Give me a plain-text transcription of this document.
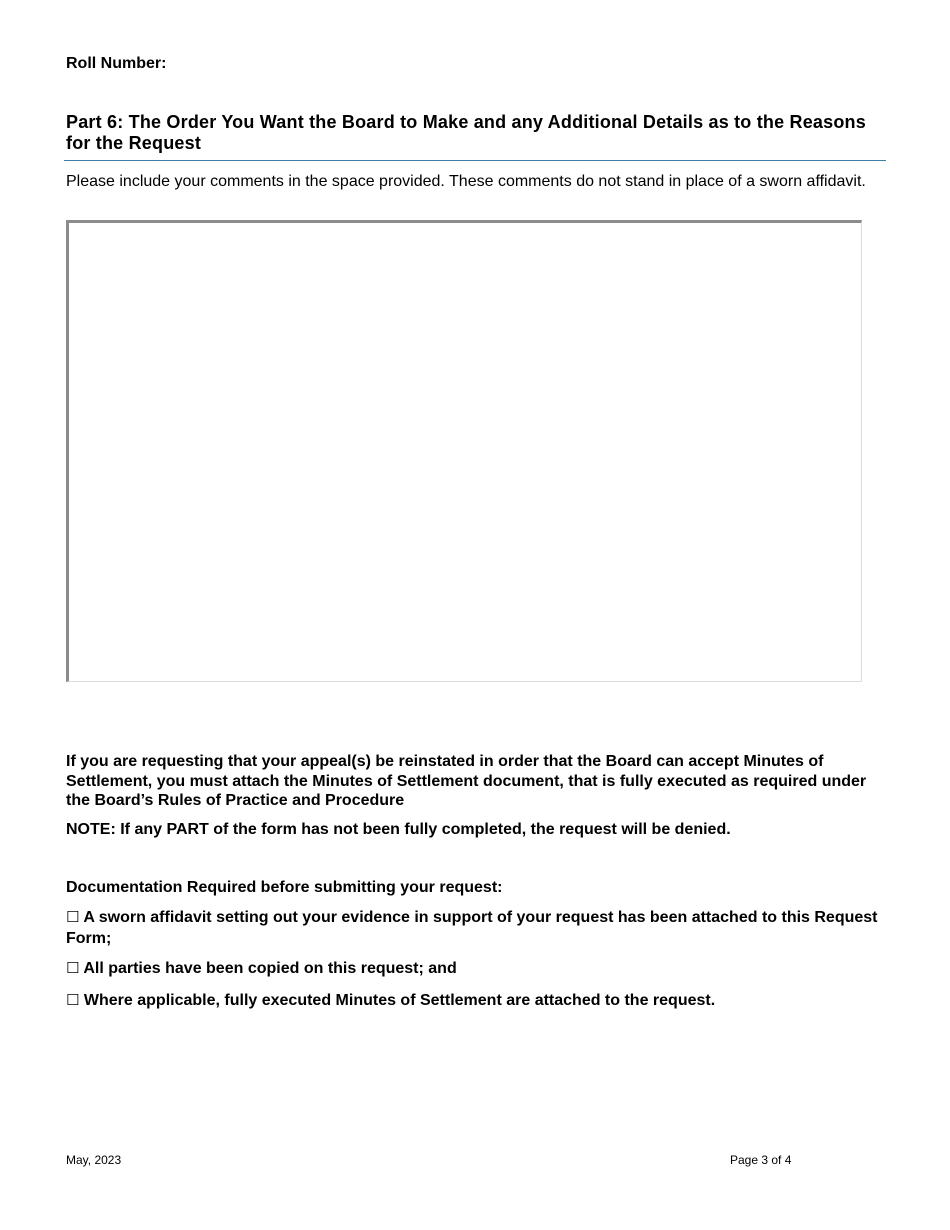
Roll Number:
Part 6: The Order You Want the Board to Make and any Additional Details as to the Reasons for the Request
Please include your comments in the space provided. These comments do not stand in place of a sworn affidavit.
If you are requesting that your appeal(s) be reinstated in order that the Board can accept Minutes of Settlement, you must attach the Minutes of Settlement document, that is fully executed as required under the Board’s Rules of Practice and Procedure
NOTE: If any PART of the form has not been fully completed, the request will be denied.
Documentation Required before submitting your request:
☐ A sworn affidavit setting out your evidence in support of your request has been attached to this Request Form;
☐ All parties have been copied on this request; and
☐ Where applicable, fully executed Minutes of Settlement are attached to the request.
May, 2023	Page 3 of 4
